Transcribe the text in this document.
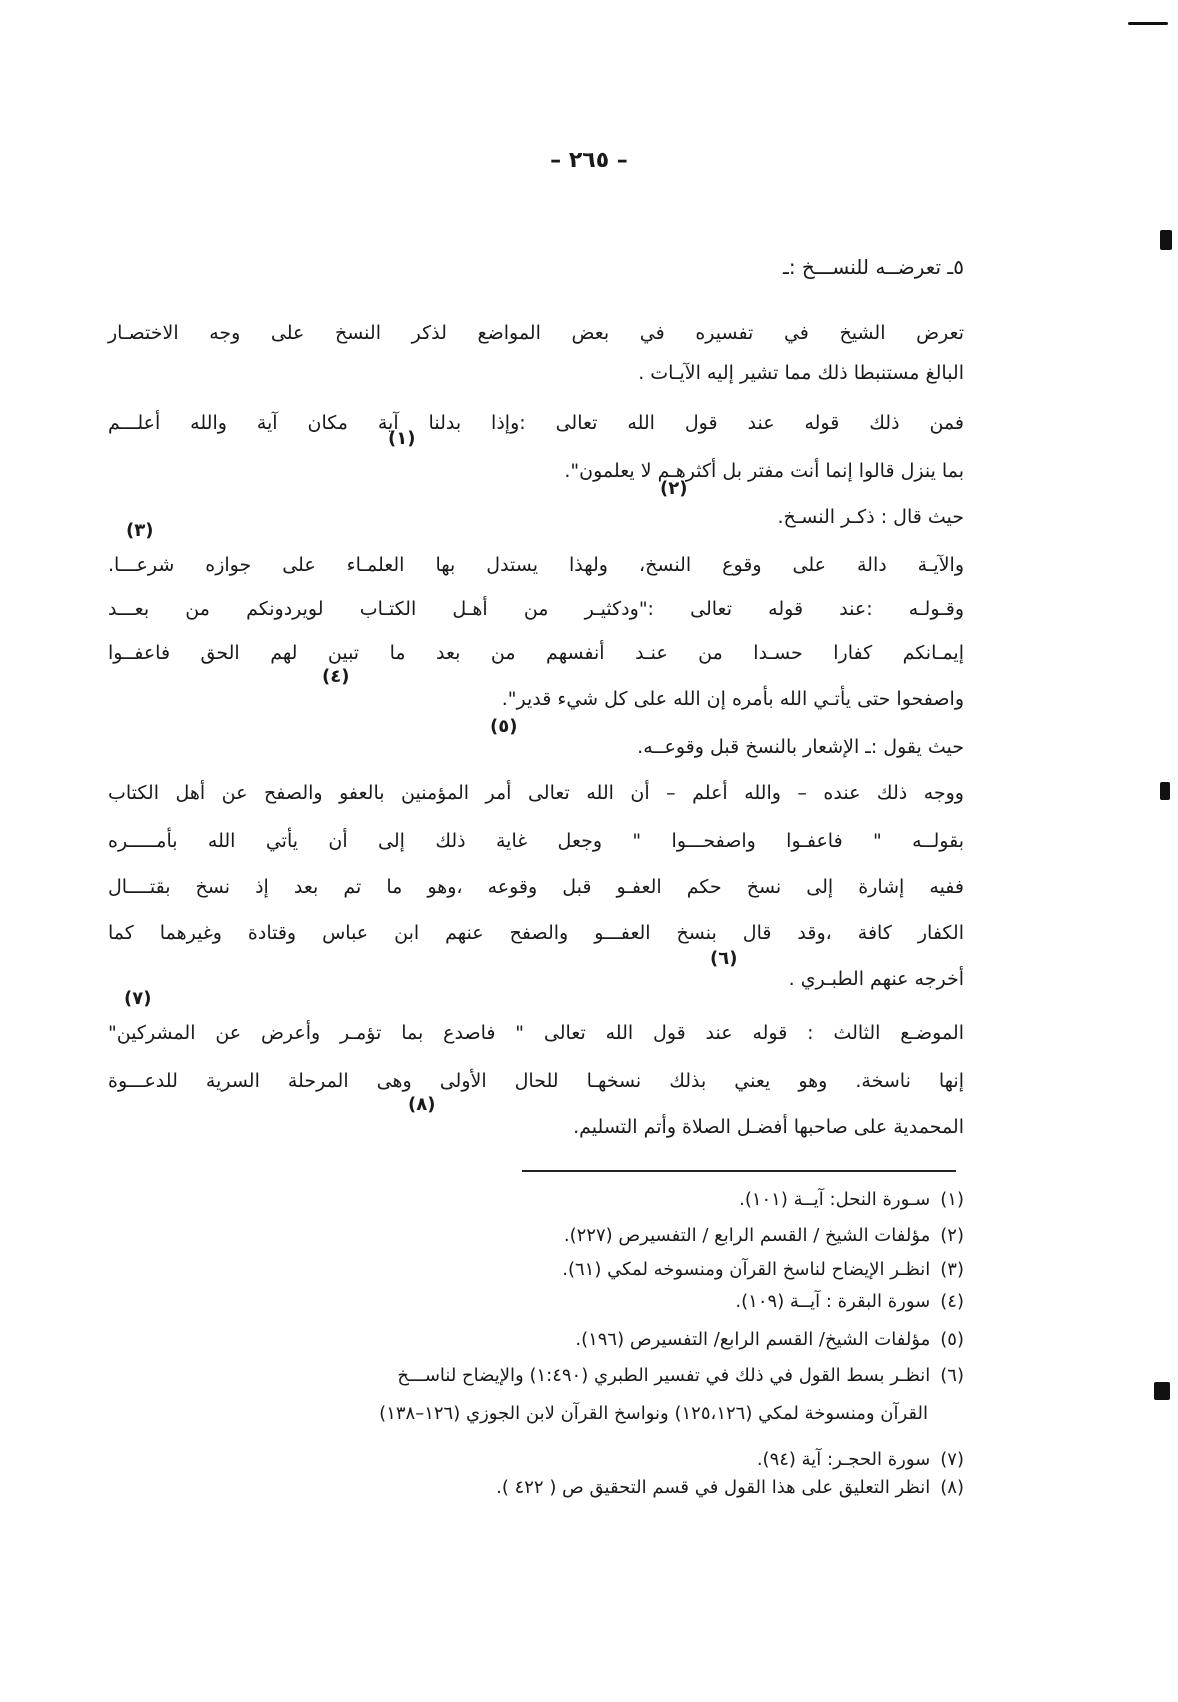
– ٢٦٥ –
٥ـ تعرضــه للنســـخ :ـ
تعرض الشيخ في تفسيره في بعض المواضع لذكر النسخ على وجه الاختصـار
البالغ مستنبطا ذلك مما تشير إليه الآيـات .
فمن ذلك قوله عند قول الله تعالى :وإذا بدلنا آية مكان آية والله أعلـــم
بما ينزل قالوا إنما أنت مفتر بل أكثرهـم لا يعلمون".
حيث قال : ذكـر النسـخ.
والآيـة دالة على وقوع النسخ، ولهذا يستدل بها العلمـاء على جوازه شرعـــا.
وقـولـه :عند قوله تعالى :"ودكثيـر من أهـل الكتـاب لويردونكم من بعـــد
إيمـانكم كفارا حسـدا من عنـد أنفسهم من بعد ما تبين لهم الحق فاعفــوا
واصفحوا حتى يأتـي الله بأمره إن الله على كل شيء قدير".
حيث يقول :ـ الإشعار بالنسخ قبل وقوعــه.
ووجه ذلك عنده – والله أعلم – أن الله تعالى أمر المؤمنين بالعفو والصفح عن أهل الكتاب
بقولــه " فاعفـوا واصفحـــوا " وجعل غاية ذلك إلى أن يأتي الله بأمـــــره
ففيه إشارة إلى نسخ حكم العفـو قبل وقوعه ،وهو ما تم بعد إذ نسخ بقتــــال
الكفار كافة ،وقد قال بنسخ العفـــو والصفح عنهم ابن عباس وقتادة وغيرهما كما
أخرجه عنهم الطبـري .
الموضـع الثالث : قوله عند قول الله تعالى " فاصدع بما تؤمـر وأعرض عن المشركين"
إنها ناسخة. وهو يعني بذلك نسخهـا للحال الأولى وهى المرحلة السرية للدعـــوة
المحمدية على صاحبها أفضـل الصلاة وأتم التسليم.
(١)
(٢)
(٣)
(٤)
(٥)
(٦)
(٧)
(٨)
(١)سـورة النحل: آيــة (١٠١).
(٢)مؤلفات الشيخ / القسم الرابع / التفسيرص (٢٢٧).
(٣)انظـر الإيضاح لناسخ القرآن ومنسوخه لمكي (٦١).
(٤)سورة البقرة : آيــة (١٠٩).
(٥)مؤلفات الشيخ/ القسم الرابع/ التفسيرص (١٩٦).
(٦)انظـر بسط القول في ذلك في تفسير الطبري (١:٤٩٠) والإيضاح لناســـخ
القرآن ومنسوخة لمكي (١٢٥،١٢٦) ونواسخ القرآن لابن الجوزي (١٢٦–١٣٨)
(٧)سورة الحجـر: آية (٩٤).
(٨)انظر التعليق على هذا القول في قسم التحقيق ص ( ٤٢٢ ).
